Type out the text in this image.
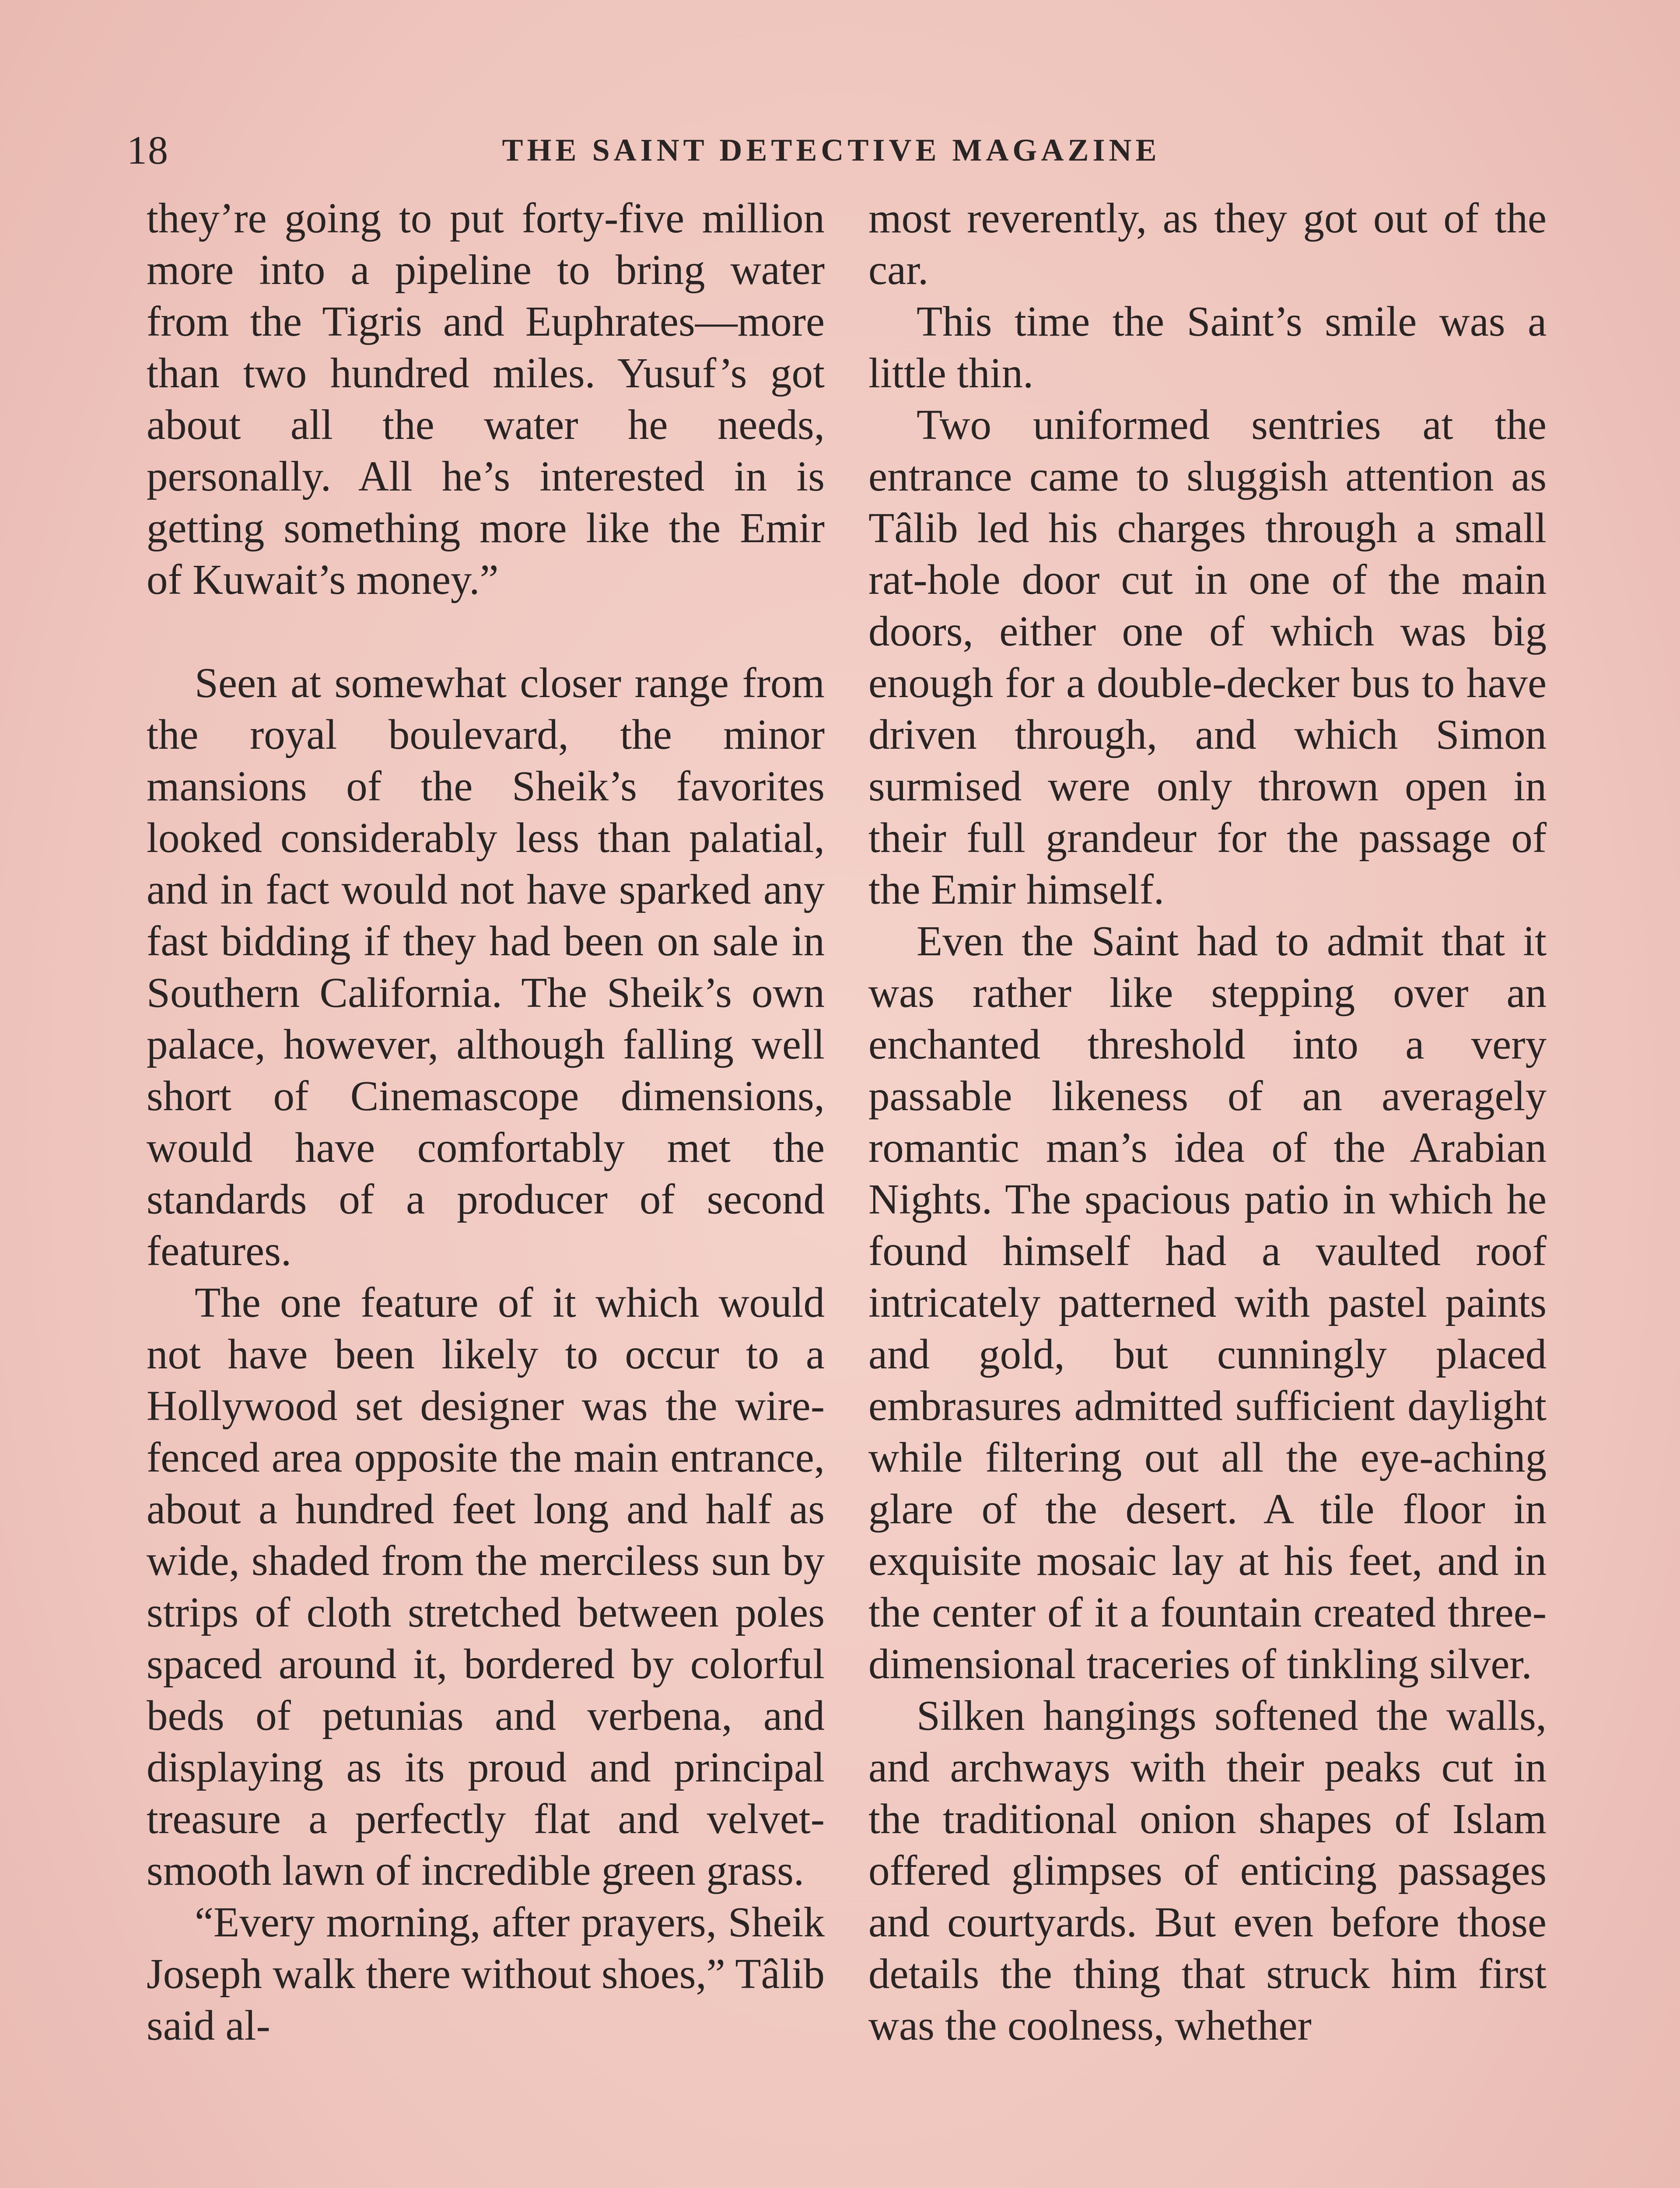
18	THE SAINT DETECTIVE MAGAZINE

they’re going to put forty-five million more into a pipeline to bring water from the Tigris and Euphrates—more than two hundred miles. Yusuf’s got about all the water he needs, personally. All he’s interested in is getting something more like the Emir of Kuwait’s money.”

Seen at somewhat closer range from the royal boulevard, the minor mansions of the Sheik’s favorites looked considerably less than palatial, and in fact would not have sparked any fast bidding if they had been on sale in Southern California. The Sheik’s own palace, however, although falling well short of Cinemascope dimensions, would have comfortably met the standards of a producer of second features.

The one feature of it which would not have been likely to occur to a Hollywood set designer was the wire-fenced area opposite the main entrance, about a hundred feet long and half as wide, shaded from the merciless sun by strips of cloth stretched between poles spaced around it, bordered by colorful beds of petunias and verbena, and displaying as its proud and principal treasure a perfectly flat and velvet-smooth lawn of incredible green grass.

“Every morning, after prayers, Sheik Joseph walk there without shoes,” Tâlib said al-

most reverently, as they got out of the car.

This time the Saint’s smile was a little thin.

Two uniformed sentries at the entrance came to sluggish attention as Tâlib led his charges through a small rat-hole door cut in one of the main doors, either one of which was big enough for a double-decker bus to have driven through, and which Simon surmised were only thrown open in their full grandeur for the passage of the Emir himself.

Even the Saint had to admit that it was rather like stepping over an enchanted threshold into a very passable likeness of an averagely romantic man’s idea of the Arabian Nights. The spacious patio in which he found himself had a vaulted roof intricately patterned with pastel paints and gold, but cunningly placed embrasures admitted sufficient daylight while filtering out all the eye-aching glare of the desert. A tile floor in exquisite mosaic lay at his feet, and in the center of it a fountain created three-dimensional traceries of tinkling silver.

Silken hangings softened the walls, and archways with their peaks cut in the traditional onion shapes of Islam offered glimpses of enticing passages and courtyards. But even before those details the thing that struck him first was the coolness, whether
